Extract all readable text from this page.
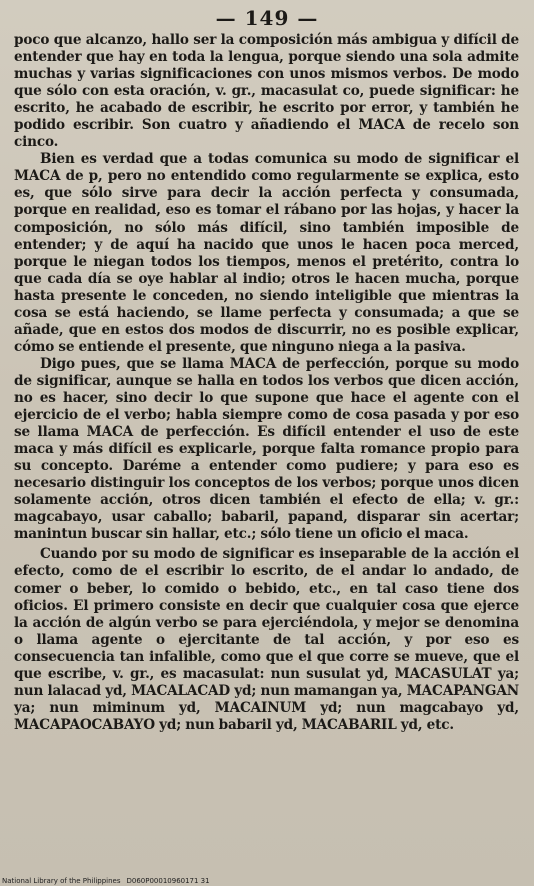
— 149 —

poco que alcanzo, hallo ser la composición más ambigua y difícil de entender que hay en toda la lengua, porque siendo una sola admite muchas y varias significaciones con unos mismos verbos. De modo que sólo con esta oración, v. gr., macasulat co, puede significar: he escrito, he acabado de escribir, he escrito por error, y también he podido escribir. Son cuatro y añadiendo el MACA de recelo son cinco.

Bien es verdad que a todas comunica su modo de significar el MACA de p, pero no entendido como regularmente se explica, esto es, que sólo sirve para decir la acción perfecta y consumada, porque en realidad, eso es tomar el rábano por las hojas, y hacer la composición, no sólo más difícil, sino también imposible de entender; y de aquí ha nacido que unos le hacen poca merced, porque le niegan todos los tiempos, menos el pretérito, contra lo que cada día se oye hablar al indio; otros le hacen mucha, porque hasta presente le conceden, no siendo inteligible que mientras la cosa se está haciendo, se llame perfecta y consumada; a que se añade, que en estos dos modos de discurrir, no es posible explicar, cómo se entiende el presente, que ninguno niega a la pasiva.

Digo pues, que se llama MACA de perfección, porque su modo de significar, aunque se halla en todos los verbos que dicen acción, no es hacer, sino decir lo que supone que hace el agente con el ejercicio de el verbo; habla siempre como de cosa pasada y por eso se llama MACA de perfección. Es difícil entender el uso de este maca y más difícil es explicarle, porque falta romance propio para su concepto. Daréme a entender como pudiere; y para eso es necesario distinguir los conceptos de los verbos; porque unos dicen solamente acción, otros dicen también el efecto de ella; v. gr.: magcabayo, usar caballo; babaril, papand, disparar sin acertar; manintun buscar sin hallar, etc.; sólo tiene un oficio el maca.

Cuando por su modo de significar es inseparable de la acción el efecto, como de el escribir lo escrito, de el andar lo andado, de comer o beber, lo comido o bebido, etc., en tal caso tiene dos oficios. El primero consiste en decir que cualquier cosa que ejerce la acción de algún verbo se para ejerciéndola, y mejor se denomina o llama agente o ejercitante de tal acción, y por eso es consecuencia tan infalible, como que el que corre se mueve, que el que escribe, v. gr., es macasulat: nun susulat yd, MACASULAT ya; nun lalacad yd, MACALACAD yd; nun mamangan ya, MACAPANGAN ya; nun miminum yd, MACAINUM yd; nun magcabayo yd, MACAPAOCABAYO yd; nun babaril yd, MACABARIL yd, etc.

National Library of the Philippines D060P00010960171 31
